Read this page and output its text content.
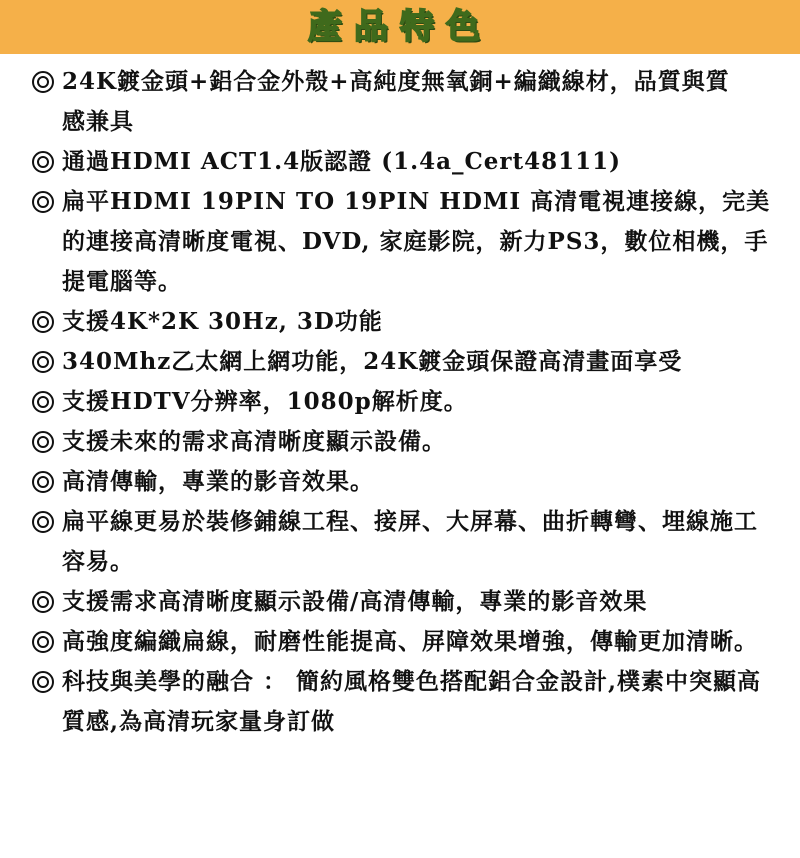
產品特色
24K鍍金頭+鋁合金外殼+高純度無氧銅+編織線材，品質與質感兼具
通過HDMI ACT1.4版認證 (1.4a_Cert48111)
扁平HDMI 19PIN TO 19PIN HDMI 高清電視連接線，完美的連接高清晰度電視、DVD, 家庭影院，新力PS3，數位相機，手提電腦等。
支援4K*2K 30Hz, 3D功能
340Mhz乙太網上網功能，24K鍍金頭保證高清畫面享受
支援HDTV分辨率，1080p解析度。
支援未來的需求高清晰度顯示設備。
高清傳輸，專業的影音效果。
扁平線更易於裝修鋪線工程、接屏、大屏幕、曲折轉彎、埋線施工容易。
支援需求高清晰度顯示設備/高清傳輸，專業的影音效果
高強度編織扁線，耐磨性能提高、屏障效果增強，傳輸更加清晰。
科技與美學的融合 ： 簡約風格雙色搭配鋁合金設計,樸素中突顯高質感,為高清玩家量身訂做
